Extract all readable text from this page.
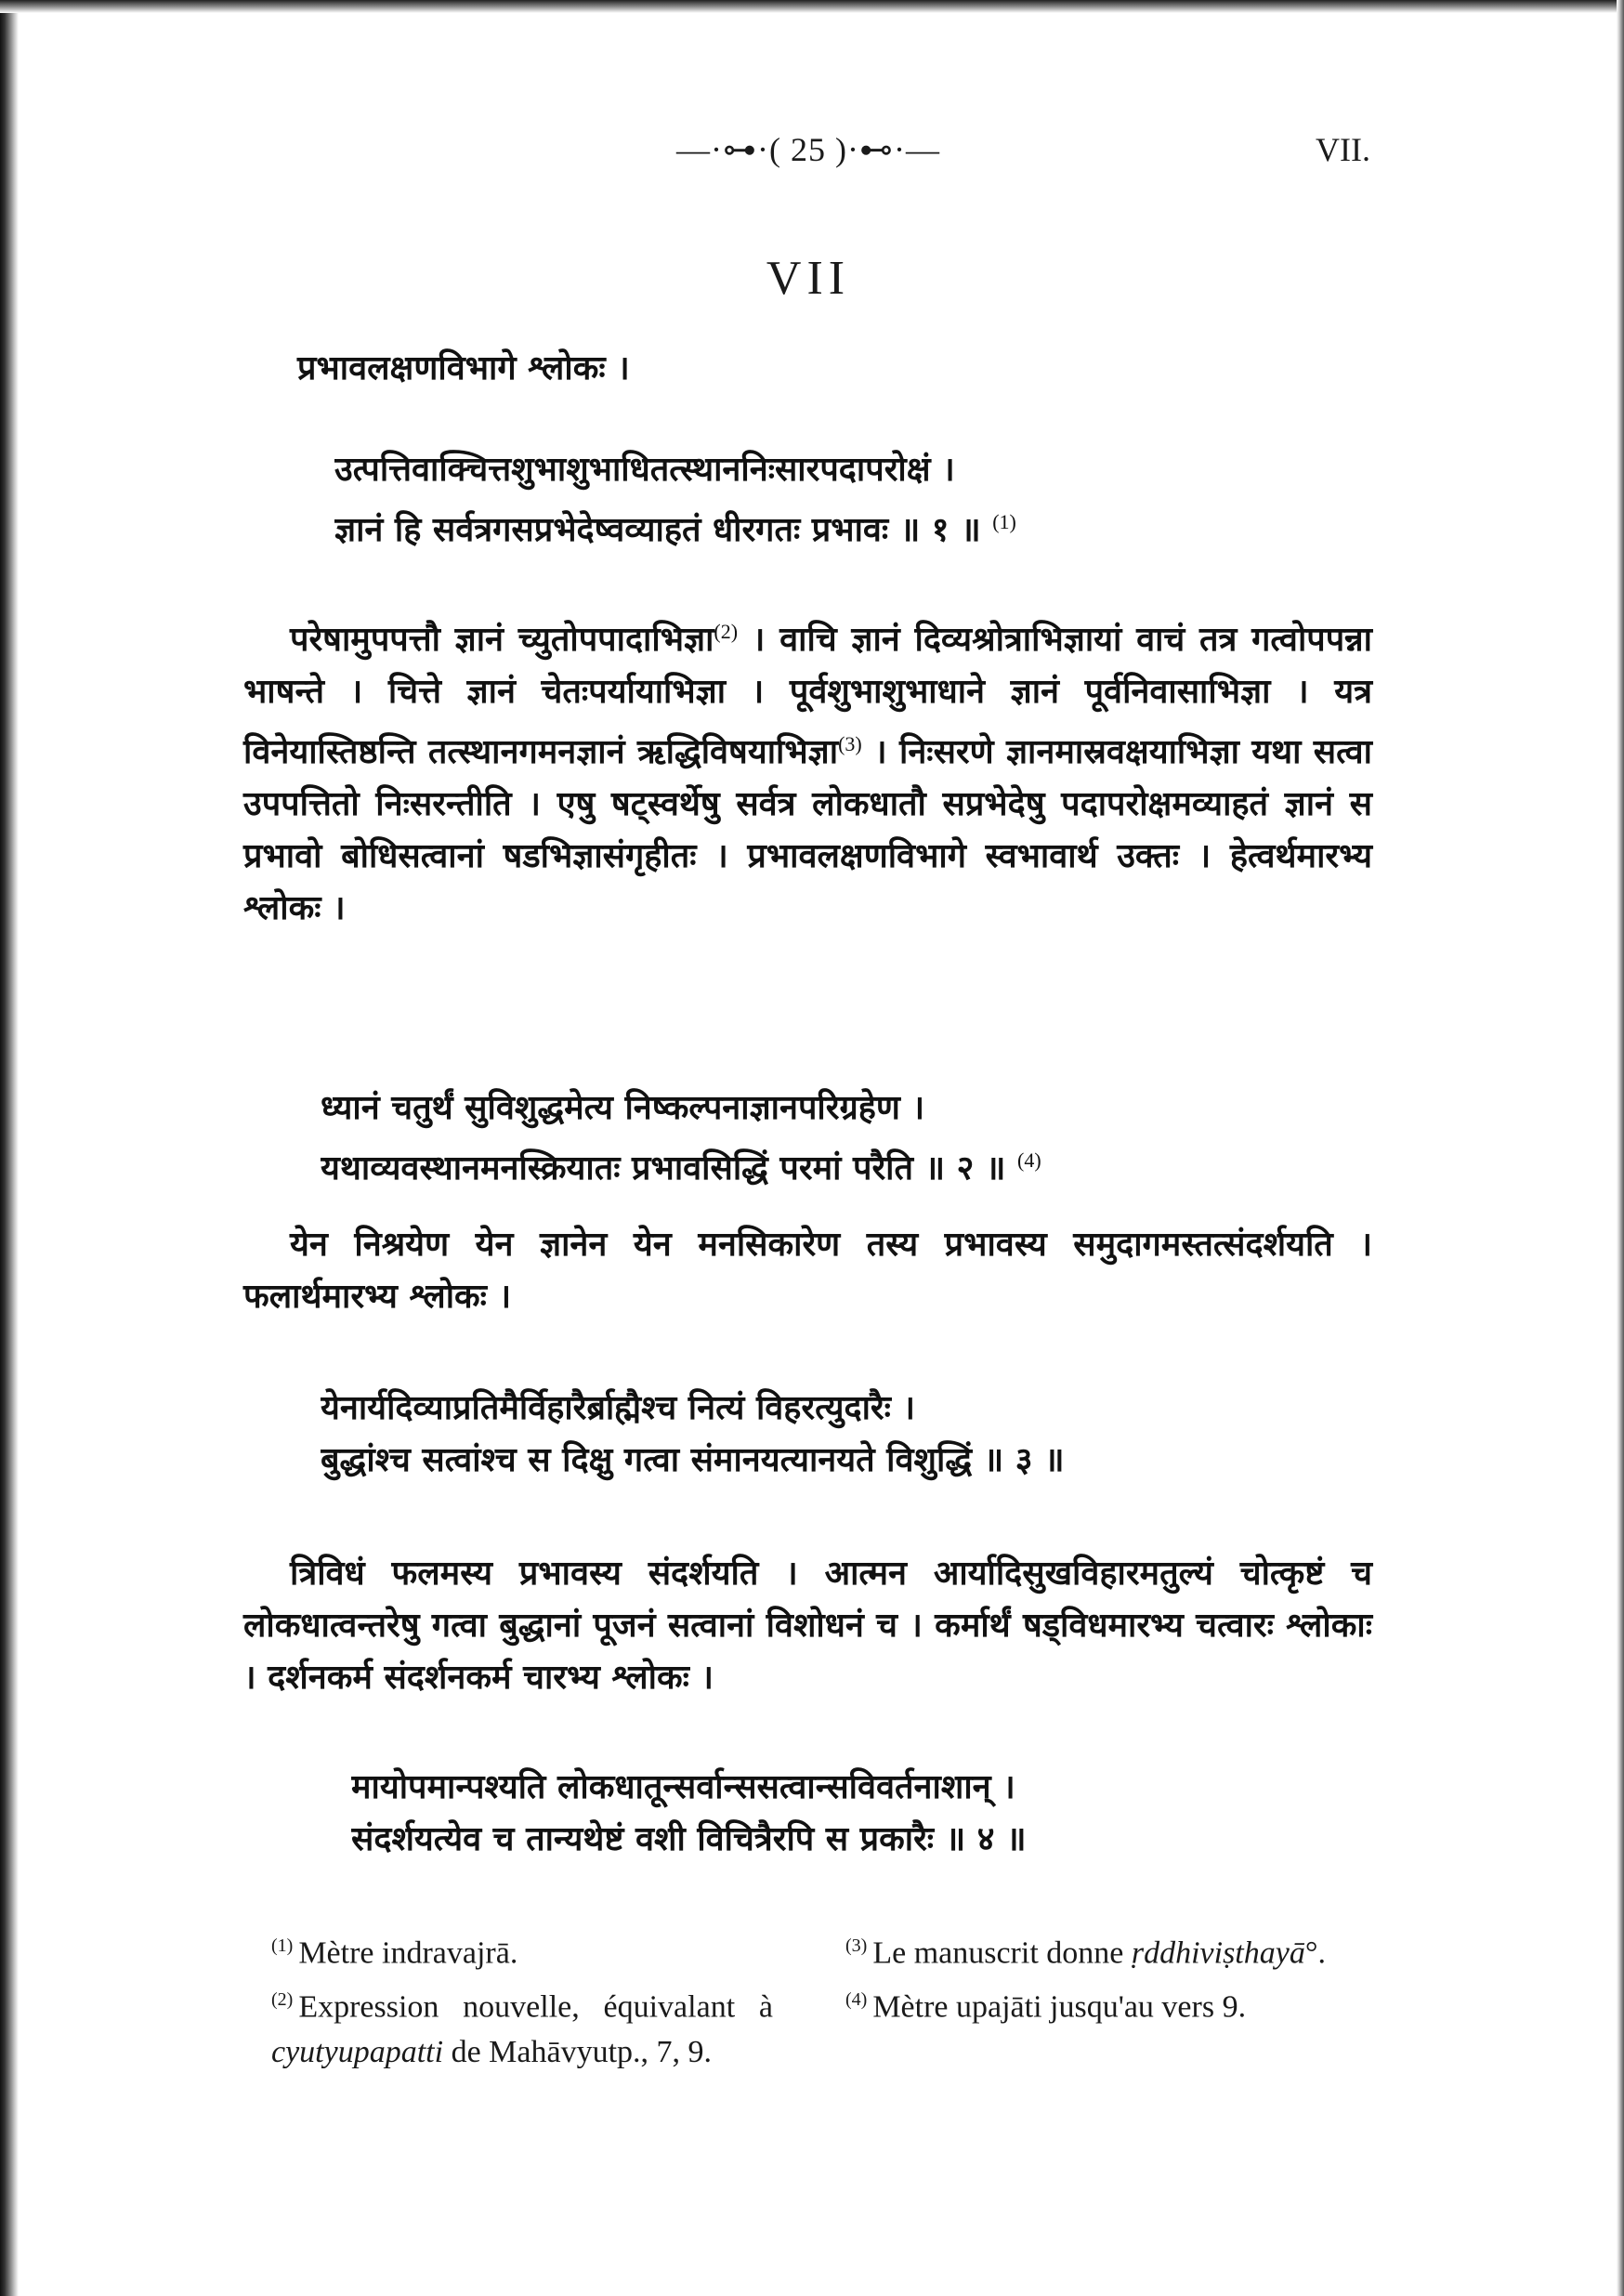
—·⊶·( 25 )·⊷·—	VII.
VII
प्रभावलक्षणविभागे श्लोकः ।
उत्पत्तिवाक्चित्तशुभाशुभाधितत्स्थाननिःसारपदापरोक्षं ।
ज्ञानं हि सर्वत्रगसप्रभेदेष्वव्याहतं धीरगतः प्रभावः ॥ १ ॥ $^{(1)}$
परेषामुपपत्तौ ज्ञानं च्युतोपपादाभिज्ञा$^{(2)}$ । वाचि ज्ञानं दिव्यश्रोत्राभिज्ञायां वाचं तत्र गत्वोपपन्ना भाषन्ते । चित्ते ज्ञानं चेतःपर्यायाभिज्ञा । पूर्वशुभाशुभाधाने ज्ञानं पूर्वनिवासाभिज्ञा । यत्र विनेयास्तिष्ठन्ति तत्स्थानगमनज्ञानं ऋद्धिविषयाभिज्ञा$^{(3)}$ । निःसरणे ज्ञानमास्रवक्षयाभिज्ञा यथा सत्वा उपपत्तितो निःसरन्तीति । एषु षट्स्वर्थेषु सर्वत्र लोकधातौ सप्रभेदेषु पदापरोक्षमव्याहतं ज्ञानं स प्रभावो बोधिसत्वानां षडभिज्ञासंगृहीतः । प्रभावलक्षणविभागे स्वभावार्थ उक्तः । हेत्वर्थमारभ्य श्लोकः ।
ध्यानं चतुर्थं सुविशुद्धमेत्य निष्कल्पनाज्ञानपरिग्रहेण ।
यथाव्यवस्थानमनस्क्रियातः प्रभावसिद्धिं परमां परैति ॥ २ ॥ $^{(4)}$
येन निश्रयेण येन ज्ञानेन येन मनसिकारेण तस्य प्रभावस्य समुदागमस्तत्संदर्शयति । फलार्थमारभ्य श्लोकः ।
येनार्यदिव्याप्रतिमैर्विहारैर्ब्राह्मैश्च नित्यं विहरत्युदारैः ।
बुद्धांश्च सत्वांश्च स दिक्षु गत्वा संमानयत्यानयते विशुद्धिं ॥ ३ ॥
त्रिविधं फलमस्य प्रभावस्य संदर्शयति । आत्मन आर्यादिसुखविहारमतुल्यं चोत्कृष्टं च लोकधात्वन्तरेषु गत्वा बुद्धानां पूजनं सत्वानां विशोधनं च । कर्मार्थं षड्विधमारभ्य चत्वारः श्लोकाः । दर्शनकर्म संदर्शनकर्म चारभ्य श्लोकः ।
मायोपमान्पश्यति लोकधातून्सर्वान्ससत्वान्सविवर्तनाशान् ।
संदर्शयत्येव च तान्यथेष्टं वशी विचित्रैरपि स प्रकारैः ॥ ४ ॥
$^{(1)}$ Mètre indravajrā.
$^{(2)}$ Expression nouvelle, équivalant à cyutyupapatti de Mahāvyutp., 7, 9.
$^{(3)}$ Le manuscrit donne ṛddhiviṣthayā°.
$^{(4)}$ Mètre upajāti jusqu'au vers 9.
